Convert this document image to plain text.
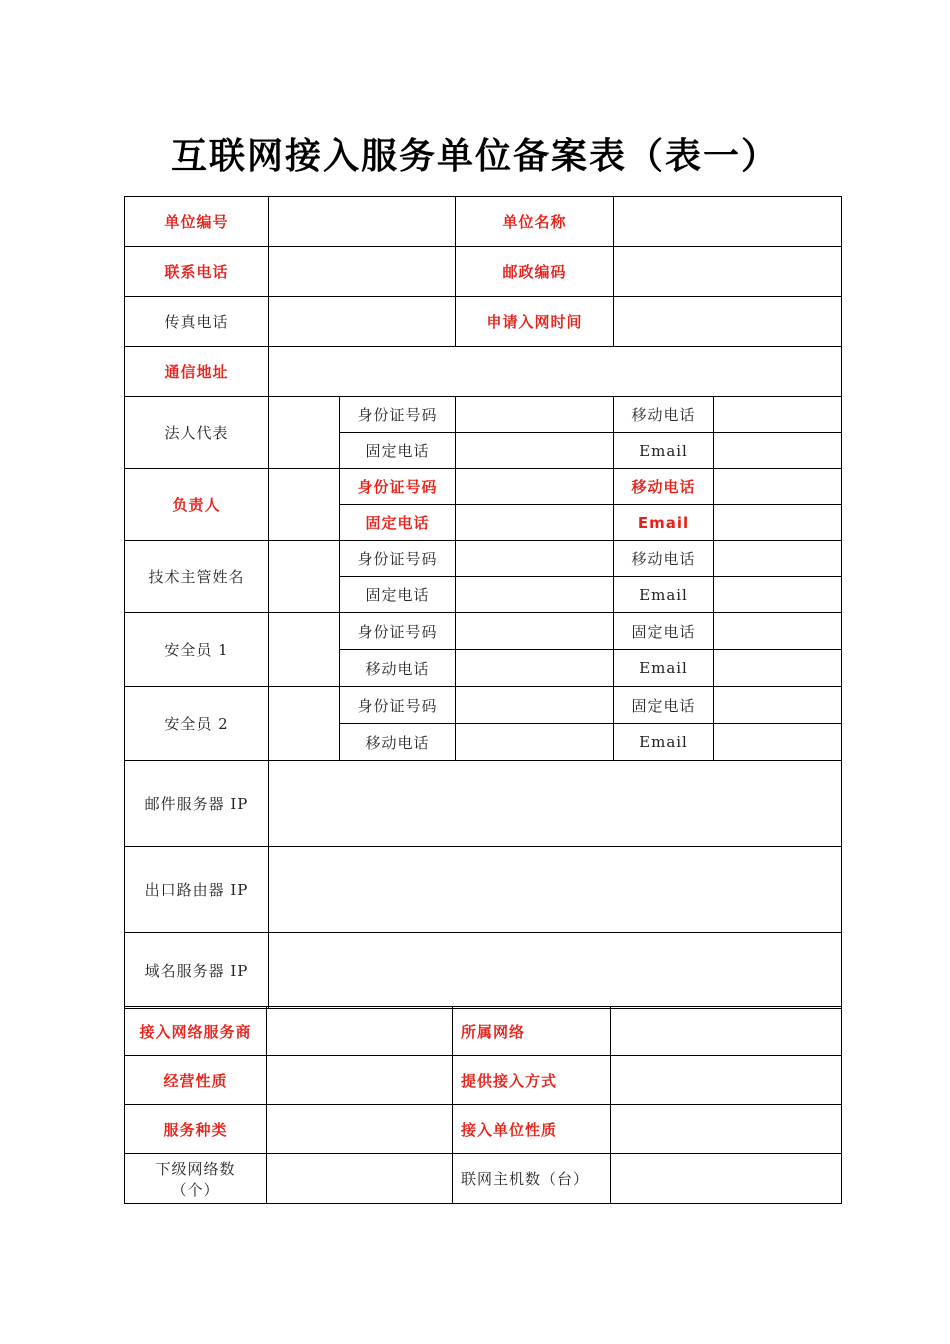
互联网接入服务单位备案表（表一）
单位编号			单位名称		
联系电话			邮政编码		
传真电话			申请入网时间		
通信地址					
法人代表		身份证号码		移动电话	
		固定电话		Email	
负责人		身份证号码		移动电话	
		固定电话		Email	
技术主管姓名		身份证号码		移动电话	
		固定电话		Email	
安全员 1		身份证号码		固定电话	
		移动电话		Email	
安全员 2		身份证号码		固定电话	
		移动电话		Email	
邮件服务器 IP					
出口路由器 IP					
域名服务器 IP					
接入网络服务商		所属网络	
经营性质		提供接入方式	
服务种类		接入单位性质	

下级网络数
（个）		联网主机数（台）	
